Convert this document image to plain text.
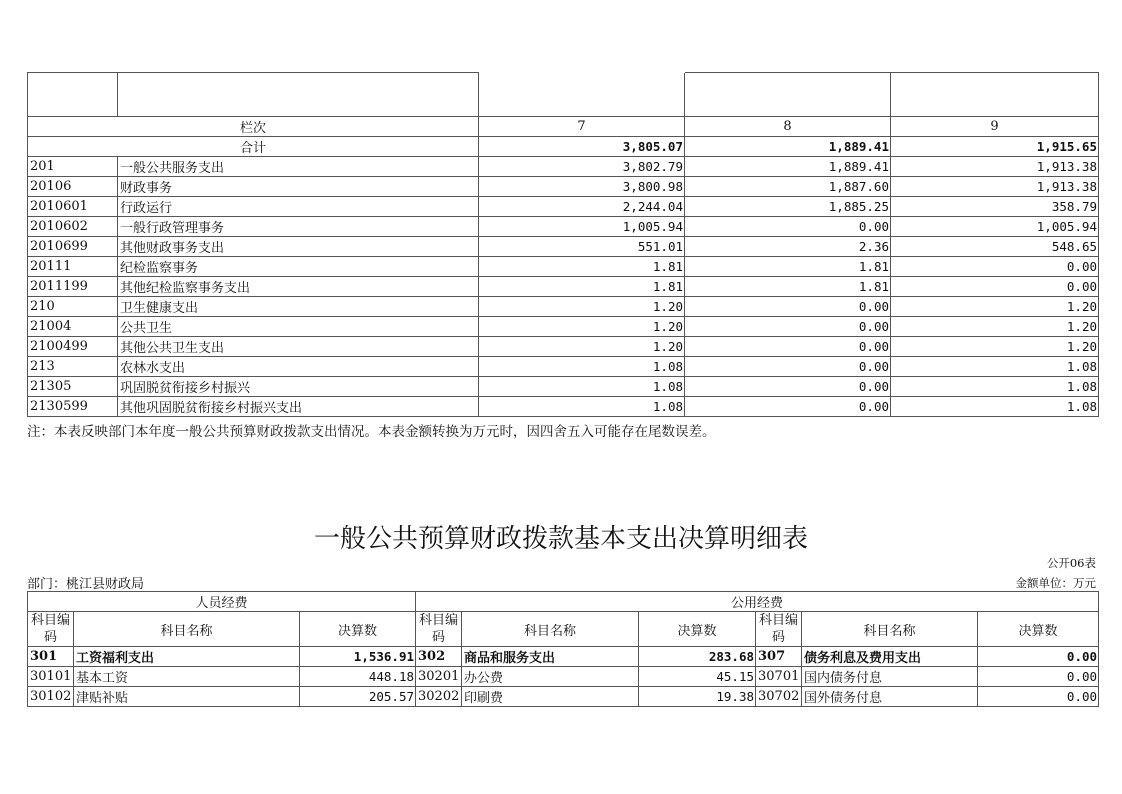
栏次		7	8	9
合计		3,805.07	1,889.41	1,915.65
201	一般公共服务支出	3,802.79	1,889.41	1,913.38
20106	财政事务	3,800.98	1,887.60	1,913.38
2010601	行政运行	2,244.04	1,885.25	358.79
2010602	一般行政管理事务	1,005.94	0.00	1,005.94
2010699	其他财政事务支出	551.01	2.36	548.65
20111	纪检监察事务	1.81	1.81	0.00
2011199	其他纪检监察事务支出	1.81	1.81	0.00
210	卫生健康支出	1.20	0.00	1.20
21004	公共卫生	1.20	0.00	1.20
2100499	其他公共卫生支出	1.20	0.00	1.20
213	农林水支出	1.08	0.00	1.08
21305	巩固脱贫衔接乡村振兴	1.08	0.00	1.08
2130599	其他巩固脱贫衔接乡村振兴支出	1.08	0.00	1.08
注：本表反映部门本年度一般公共预算财政拨款支出情况。本表金额转换为万元时，因四舍五入可能存在尾数误差。
一般公共预算财政拨款基本支出决算明细表
公开06表
部门：桃江县财政局	金额单位：万元
人员经费			公用经费					
科目编码	科目名称	决算数	科目编码	科目名称	决算数	科目编码	科目名称	决算数
301	工资福利支出	1,536.91	302	商品和服务支出	283.68	307	债务利息及费用支出	0.00
30101	基本工资	448.18	30201	办公费	45.15	30701	国内债务付息	0.00
30102	津贴补贴	205.57	30202	印刷费	19.38	30702	国外债务付息	0.00
